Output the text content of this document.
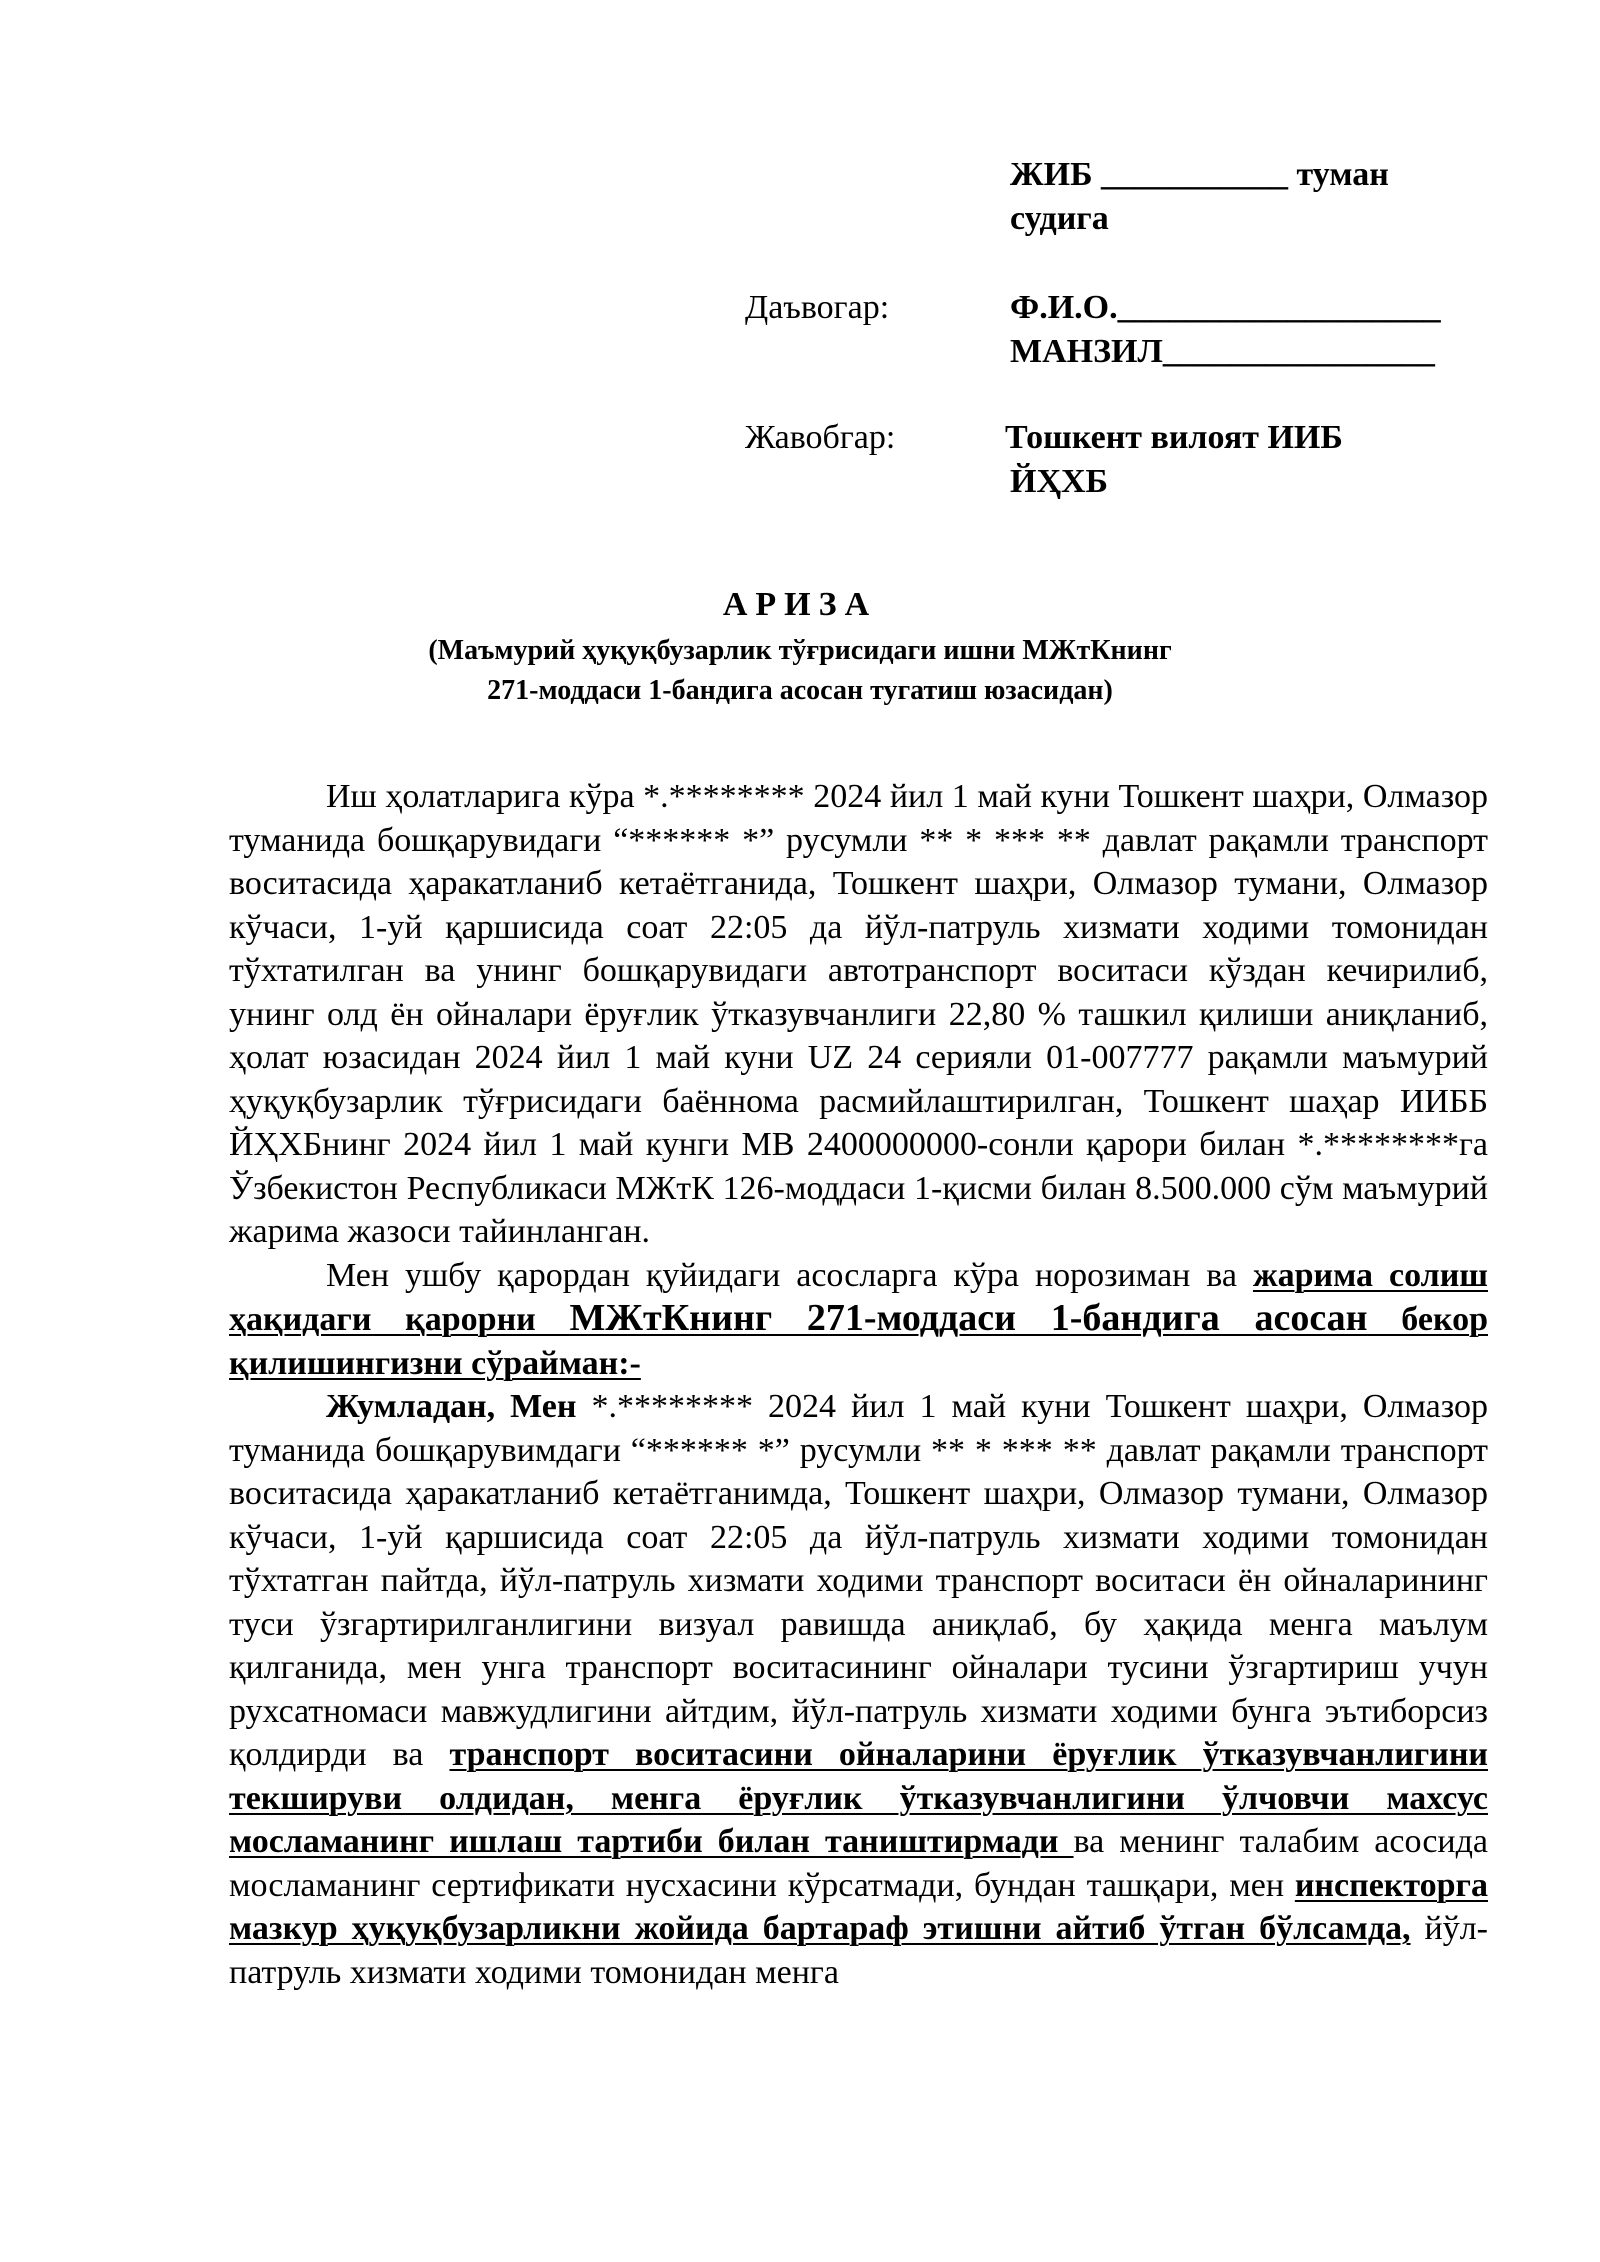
ЖИБ ___________ туман
судига
Даъвогар:	Ф.И.О.___________________
МАНЗИЛ________________
Жавобгар:	Тошкент вилоят ИИБ
ЙҲХБ
АРИЗА
(Маъмурий ҳуқуқбузарлик тўғрисидаги ишни МЖтКнинг
271-моддаси 1-бандига асосан тугатиш юзасидан)

Иш ҳолатларига кўра *.******** 2024 йил 1 май куни Тошкент шаҳри, Олмазор туманида бошқарувидаги “****** *” русумли ** * *** ** давлат рақамли транспорт воситасида ҳаракатланиб кетаётганида, Тошкент шаҳри, Олмазор тумани, Олмазор кўчаси, 1-уй қаршисида соат 22:05 да йўл-патруль хизмати ходими томонидан тўхтатилган ва унинг бошқарувидаги автотранспорт воситаси кўздан кечирилиб, унинг олд ён ойналари ёруғлик ўтказувчанлиги 22,80 % ташкил қилиши аниқланиб, ҳолат юзасидан 2024 йил 1 май куни UZ 24 серияли 01-007777 рақамли маъмурий ҳуқуқбузарлик тўғрисидаги баённома расмийлаштирилган, Тошкент шаҳар ИИББ ЙҲХБнинг 2024 йил 1 май кунги МВ 2400000000-сонли қарори билан *.********га Ўзбекистон Республикаси МЖтК 126-моддаси 1-қисми билан 8.500.000 сўм маъмурий жарима жазоси тайинланган.

Мен ушбу қарордан қуйидаги асосларга кўра норозиман ва жарима солиш ҳақидаги қарорни МЖтКнинг 271-моддаси 1-бандига асосан бекор қилишингизни сўрайман:-

Жумладан, Мен *.******** 2024 йил 1 май куни Тошкент шаҳри, Олмазор туманида бошқарувимдаги “****** *” русумли ** * *** ** давлат рақамли транспорт воситасида ҳаракатланиб кетаётганимда, Тошкент шаҳри, Олмазор тумани, Олмазор кўчаси, 1-уй қаршисида соат 22:05 да йўл-патруль хизмати ходими томонидан тўхтатган пайтда, йўл-патруль хизмати ходими транспорт воситаси ён ойналарининг туси ўзгартирилганлигини визуал равишда аниқлаб, бу ҳақида менга маълум қилганида, мен унга транспорт воситасининг ойналари тусини ўзгартириш учун рухсатномаси мавжудлигини айтдим, йўл-патруль хизмати ходими бунга эътиборсиз қолдирди ва транспорт воситасини ойналарини ёруғлик ўтказувчанлигини текшируви олдидан, менга ёруғлик ўтказувчанлигини ўлчовчи махсус мосламанинг ишлаш тартиби билан таништирмади ва менинг талабим асосида мосламанинг сертификати нусхасини кўрсатмади, бундан ташқари, мен инспекторга мазкур ҳуқуқбузарликни жойида бартараф этишни айтиб ўтган бўлсамда, йўл-патруль хизмати ходими томонидан менга
